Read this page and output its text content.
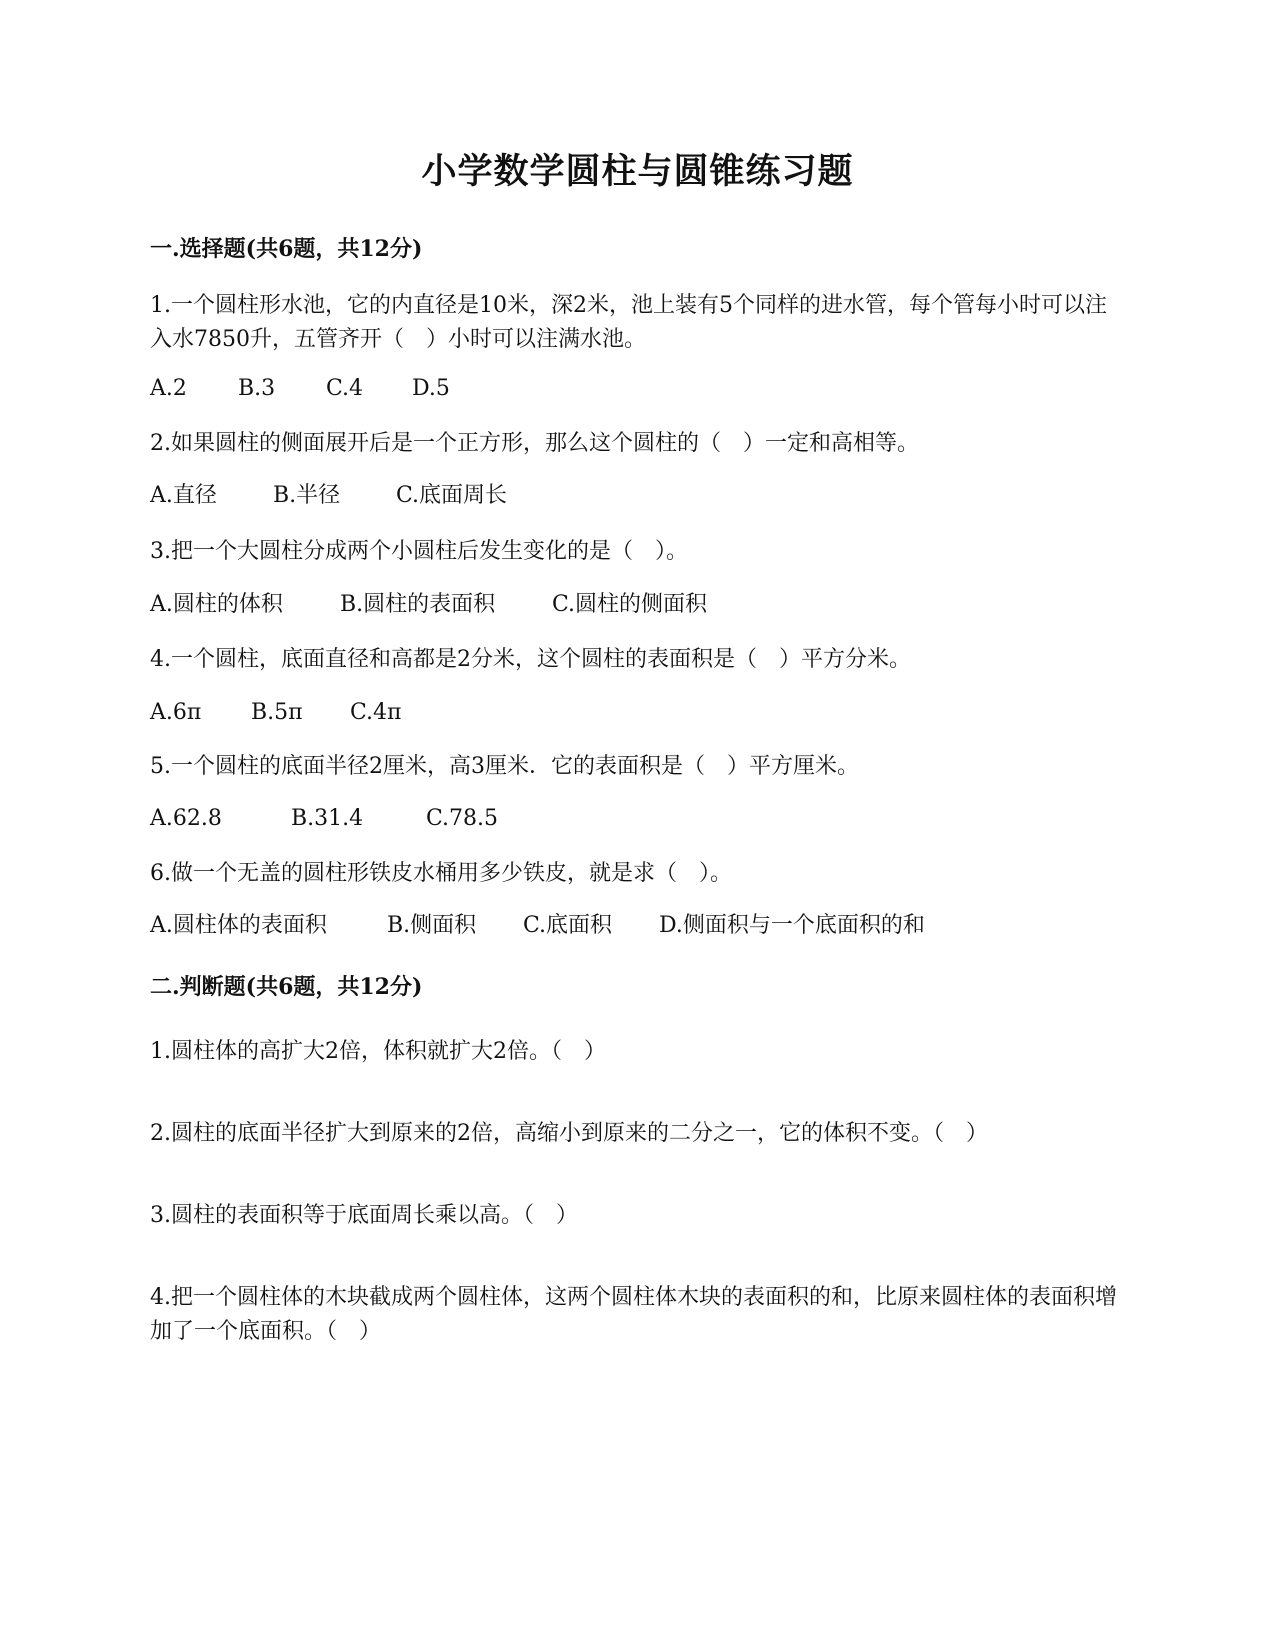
小学数学圆柱与圆锥练习题
一.选择题(共6题，共12分)
1.一个圆柱形水池，它的内直径是10米，深2米，池上装有5个同样的进水管，每个管每小时可以注入水7850升，五管齐开（　）小时可以注满水池。
A.2 B.3 C.4 D.5
2.如果圆柱的侧面展开后是一个正方形，那么这个圆柱的（　）一定和高相等。
A.直径	B.半径	C.底面周长
3.把一个大圆柱分成两个小圆柱后发生变化的是（　）。
A.圆柱的体积	B.圆柱的表面积	C.圆柱的侧面积
4.一个圆柱，底面直径和高都是2分米，这个圆柱的表面积是（　）平方分米。
A.6π B.5π C.4π
5.一个圆柱的底面半径2厘米，高3厘米．它的表面积是（　）平方厘米。
A.62.8	B.31.4	C.78.5
6.做一个无盖的圆柱形铁皮水桶用多少铁皮，就是求（　）。
A.圆柱体的表面积	B.侧面积 C.底面积 D.侧面积与一个底面积的和
二.判断题(共6题，共12分)
1.圆柱体的高扩大2倍，体积就扩大2倍。（　）
2.圆柱的底面半径扩大到原来的2倍，高缩小到原来的二分之一，它的体积不变。（　）
3.圆柱的表面积等于底面周长乘以高。（　）
4.把一个圆柱体的木块截成两个圆柱体，这两个圆柱体木块的表面积的和，比原来圆柱体的表面积增加了一个底面积。（　）
